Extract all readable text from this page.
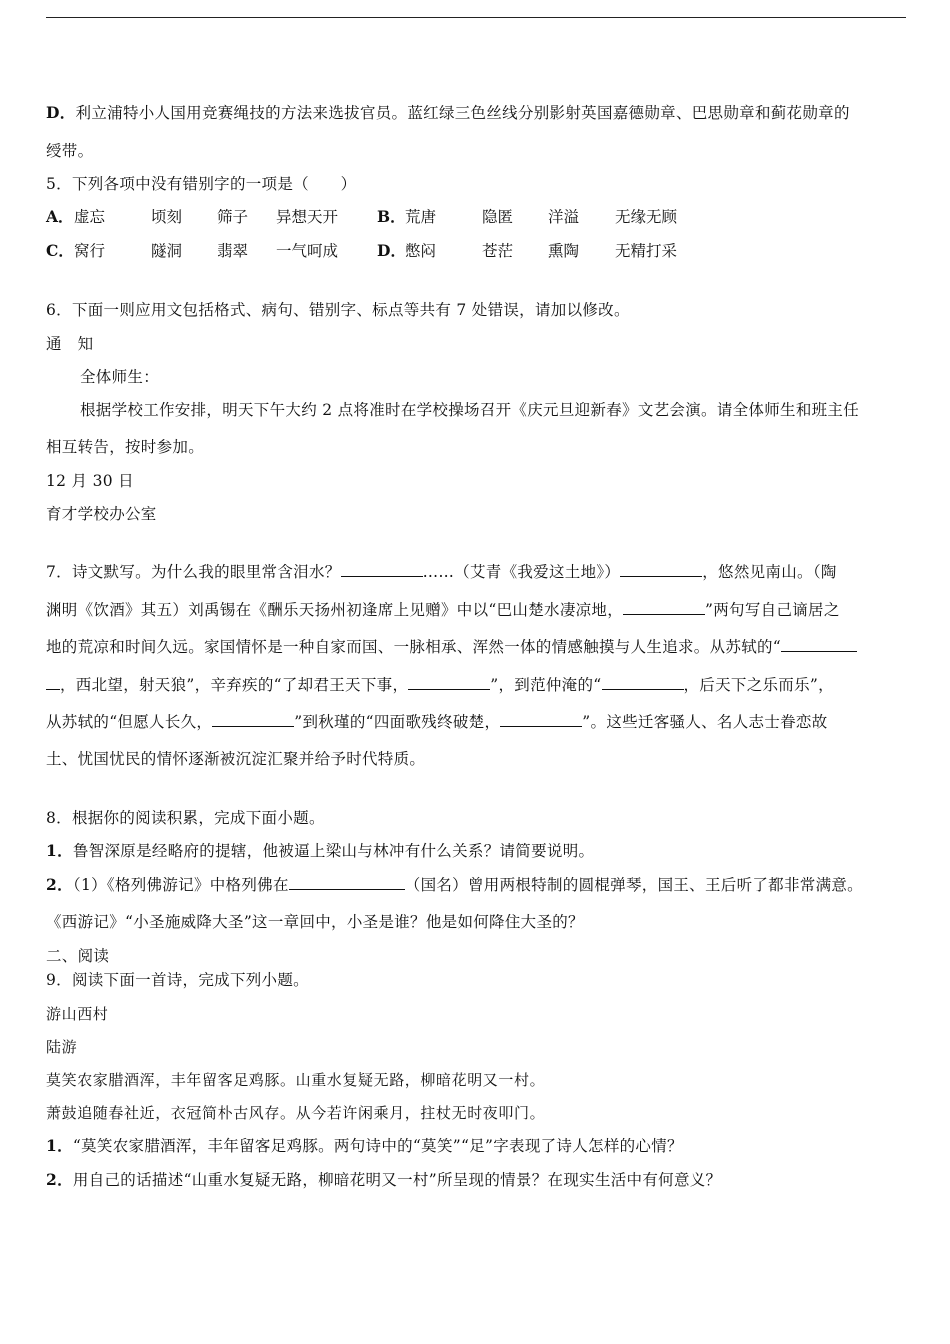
D．利立浦特小人国用竞赛绳技的方法来选拔官员。蓝红绿三色丝线分别影射英国嘉德勋章、巴思勋章和蓟花勋章的
绶带。
5．下列各项中没有错别字的一项是（　　）
A． 虚忘	顷刻 筛子 异想天开	B． 荒唐	隐匿 洋溢 无缘无顾
C． 窝行	隧洞 翡翠 一气呵成	D． 憋闷	苍茫 熏陶 无精打采
6．下面一则应用文包括格式、病句、错别字、标点等共有 7 处错误，请加以修改。
通　知
全体师生：
根据学校工作安排，明天下午大约 2 点将准时在学校操场召开《庆元旦迎新春》文艺会演。请全体师生和班主任
相互转告，按时参加。
12 月 30 日
育才学校办公室
7．诗文默写。为什么我的眼里常含泪水？	……（艾青《我爱这土地》）	，悠然见南山。（陶
渊明《饮酒》其五）刘禹锡在《酬乐天扬州初逢席上见赠》中以“巴山楚水凄凉地，	”两句写自己谪居之
地的荒凉和时间久远。家国情怀是一种自家而国、一脉相承、浑然一体的情感触摸与人生追求。从苏轼的“
，西北望，射天狼”，辛弃疾的“了却君王天下事，	”，到范仲淹的“	，后天下之乐而乐”，
从苏轼的“但愿人长久，	”到秋瑾的“四面歌残终破楚，	”。这些迁客骚人、名人志士眷恋故
土、忧国忧民的情怀逐渐被沉淀汇聚并给予时代特质。
8．根据你的阅读积累，完成下面小题。
1．鲁智深原是经略府的提辖，他被逼上梁山与林冲有什么关系？请简要说明。
2．（1）《格列佛游记》中格列佛在	（国名）曾用两根特制的圆棍弹琴，国王、王后听了都非常满意。
《西游记》“小圣施威降大圣”这一章回中，小圣是谁？他是如何降住大圣的？
二、阅读
9．阅读下面一首诗，完成下列小题。
游山西村
陆游
莫笑农家腊酒浑，丰年留客足鸡豚。山重水复疑无路，柳暗花明又一村。
萧鼓追随春社近，衣冠简朴古风存。从今若许闲乘月，拄杖无时夜叩门。
1．“莫笑农家腊酒浑，丰年留客足鸡豚。两句诗中的“莫笑”“足”字表现了诗人怎样的心情？
2．用自己的话描述“山重水复疑无路，柳暗花明又一村”所呈现的情景？在现实生活中有何意义？
